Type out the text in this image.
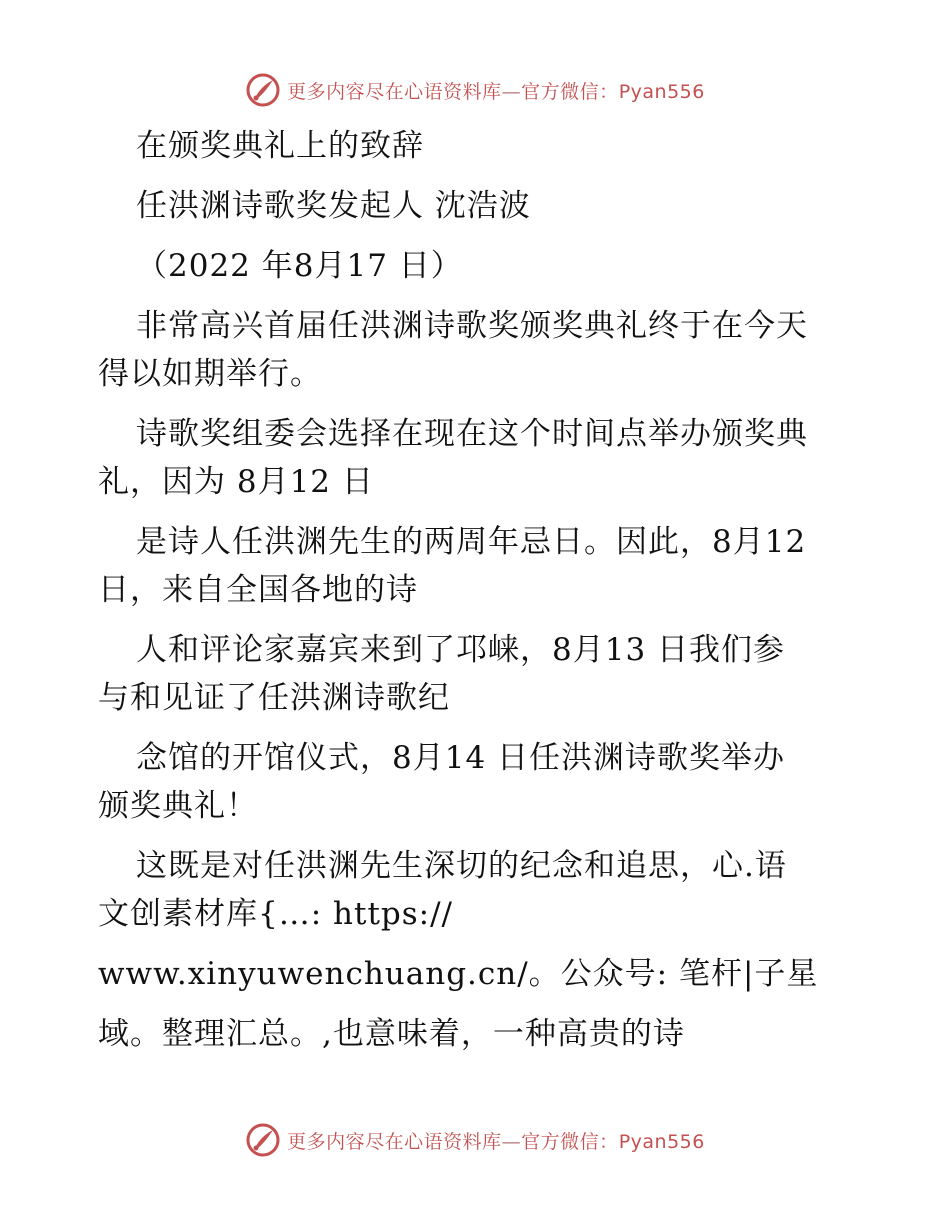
更多内容尽在心语资料库—官方微信：Pyan556
在颁奖典礼上的致辞
任洪渊诗歌奖发起人 沈浩波
（2022 年8月17 日）
非常高兴首届任洪渊诗歌奖颁奖典礼终于在今天
得以如期举行。
诗歌奖组委会选择在现在这个时间点举办颁奖典
礼，因为 8月12 日
是诗人任洪渊先生的两周年忌日。因此，8月12
日，来自全国各地的诗
人和评论家嘉宾来到了邛崃，8月13 日我们参
与和见证了任洪渊诗歌纪
念馆的开馆仪式，8月14 日任洪渊诗歌奖举办
颁奖典礼！
这既是对任洪渊先生深切的纪念和追思，心.语
文创素材库{…: https://
www.xinyuwenchuang.cn/。公众号: 笔杆|子星
域。整理汇总。,也意味着，一种高贵的诗
更多内容尽在心语资料库—官方微信：Pyan556
